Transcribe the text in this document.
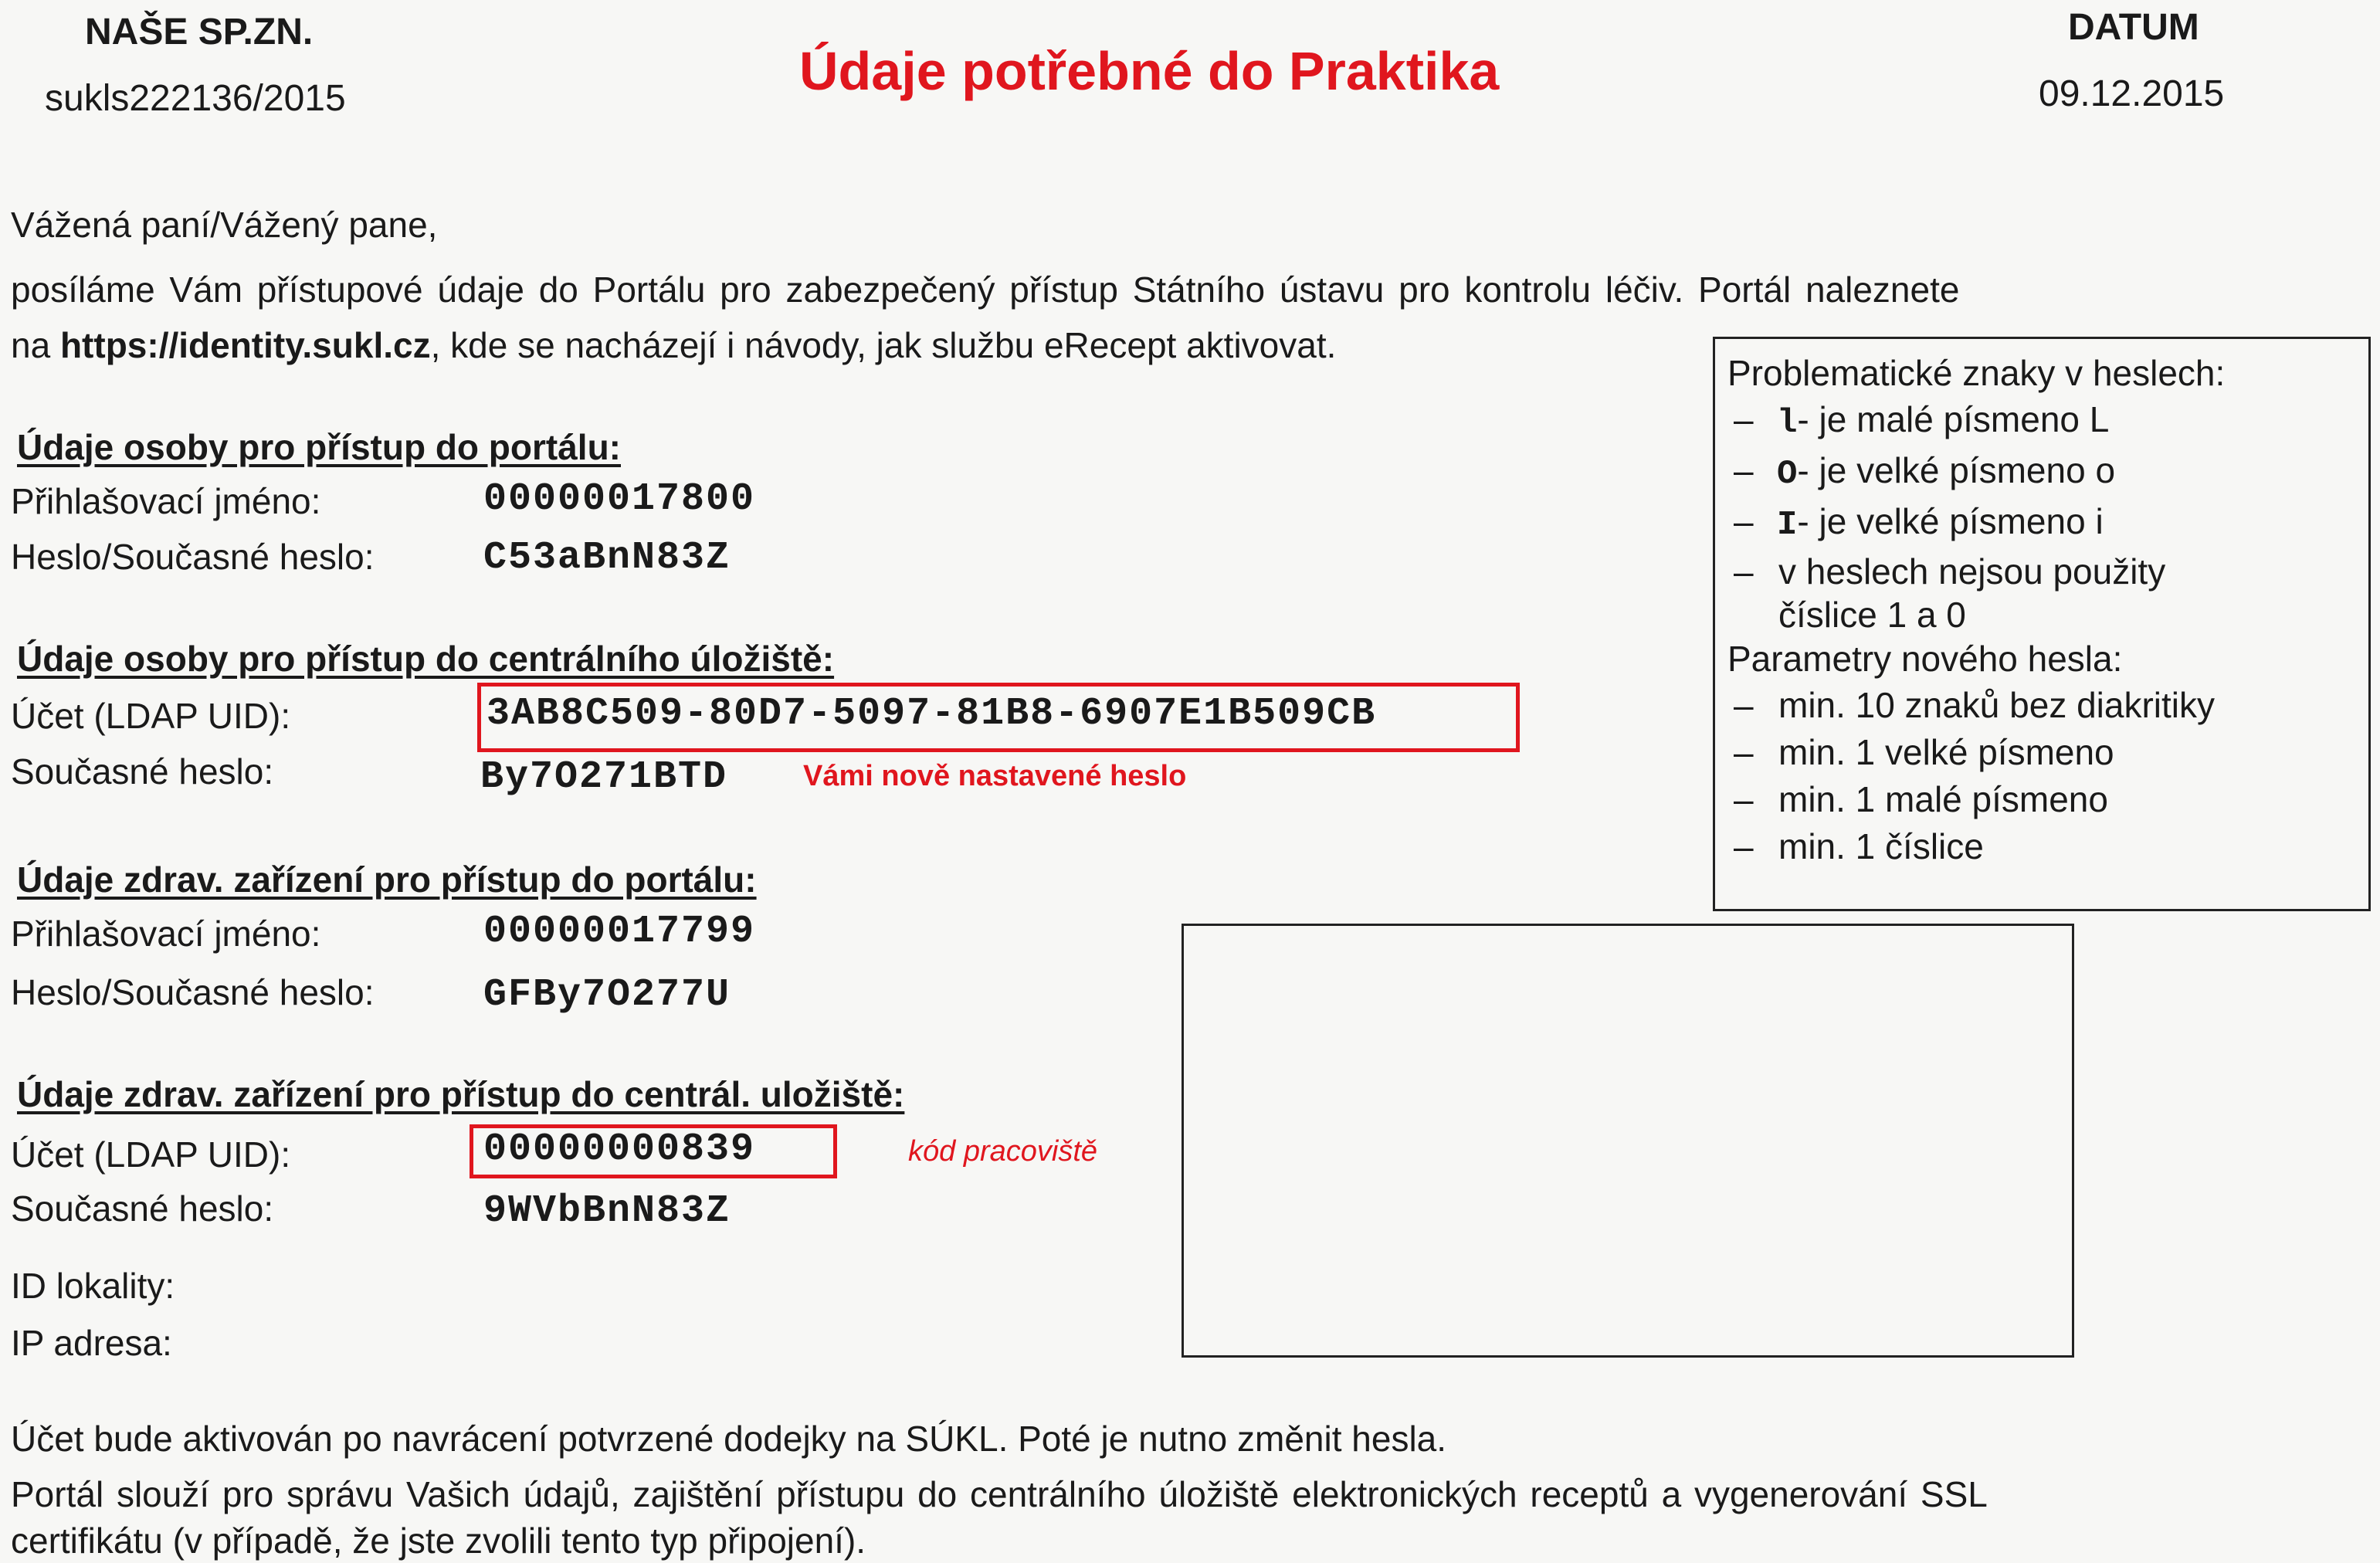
NAŠE SP.ZN.
sukls222136/2015	Údaje potřebné do Praktika
DATUM
09.12.2015
Vážená paní/Vážený pane,
posíláme Vám přístupové údaje do Portálu pro zabezpečený přístup Státního ústavu pro kontrolu léčiv. Portál naleznete
na https://identity.sukl.cz, kde se nacházejí i návody, jak službu eRecept aktivovat.
Údaje osoby pro přístup do portálu:
Přihlašovací jméno:	00000017800
Heslo/Současné heslo:	C53aBnN83Z
Údaje osoby pro přístup do centrálního úložiště:
Účet (LDAP UID):	3AB8C509-80D7-5097-81B8-6907E1B509CB
Současné heslo:	By7O271BTD	Vámi nově nastavené heslo
Údaje zdrav. zařízení pro přístup do portálu:
Přihlašovací jméno:	00000017799
Heslo/Současné heslo:	GFBy7O277U
Údaje zdrav. zařízení pro přístup do centrál. uložiště:
Účet (LDAP UID):	00000000839	kód pracoviště
Současné heslo:	9WVbBnN83Z
ID lokality:
IP adresa:
Problematické znaky v heslech:
– l- je malé písmeno L
– O- je velké písmeno o
– I- je velké písmeno i
– v heslech nejsou použity
číslice 1 a 0
Parametry nového hesla:
– min. 10 znaků bez diakritiky
– min. 1 velké písmeno
– min. 1 malé písmeno
– min. 1 číslice
Účet bude aktivován po navrácení potvrzené dodejky na SÚKL. Poté je nutno změnit hesla.
Portál slouží pro správu Vašich údajů, zajištění přístupu do centrálního úložiště elektronických receptů a vygenerování SSL
certifikátu (v případě, že jste zvolili tento typ připojení).
